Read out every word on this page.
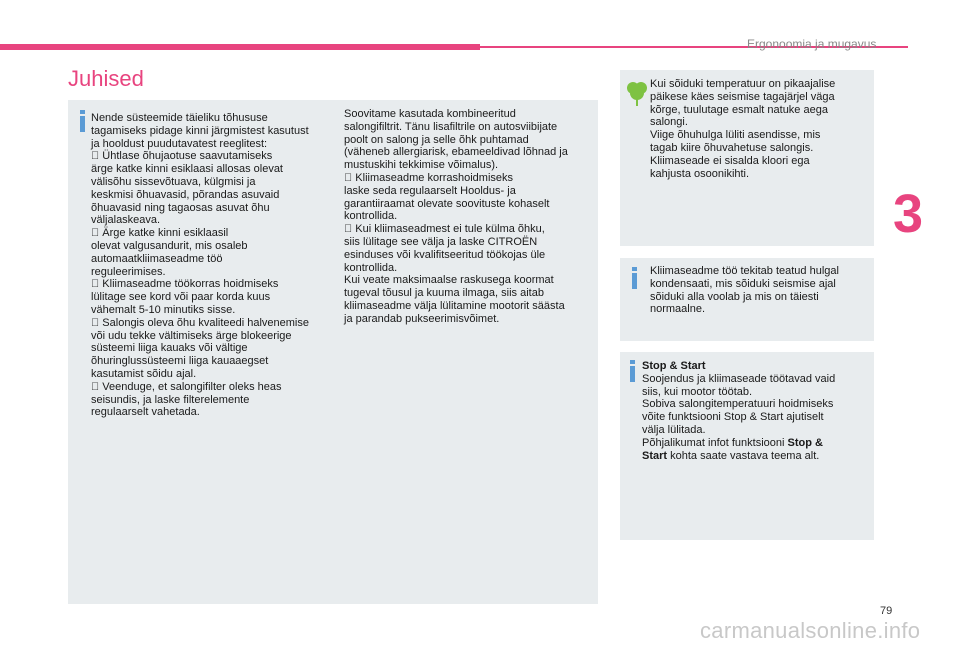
Ergonoomia ja mugavus
3
Juhised
Nende süsteemide täieliku tõhususe
tagamiseks pidage kinni järgmistest kasutust
ja hooldust puudutavatest reeglitest:
Ühtlase õhujaotuse saavutamiseks
ärge katke kinni esiklaasi allosas olevat
välisõhu sissevõtuava, külgmisi ja
keskmisi õhuavasid, põrandas asuvaid
õhuavasid ning tagaosas asuvat õhu
väljalaskeava.
Ärge katke kinni esiklaasil
olevat valgusandurit, mis osaleb
automaatkliimaseadme töö
reguleerimises.
Kliimaseadme töökorras hoidmiseks
lülitage see kord või paar korda kuus
vähemalt 5-10 minutiks sisse.
Salongis oleva õhu kvaliteedi halvenemise
või udu tekke vältimiseks ärge blokeerige
süsteemi liiga kauaks või vältige
õhuringlussüsteemi liiga kauaaegset
kasutamist sõidu ajal.
Veenduge, et salongifilter oleks heas
seisundis, ja laske filterelemente
regulaarselt vahetada.
Soovitame kasutada kombineeritud
salongifiltrit. Tänu lisafiltrile on autosviibijate
poolt on salong ja selle õhk puhtamad
(väheneb allergiarisk, ebameeldivad lõhnad ja
mustuskihi tekkimise võimalus).
Kliimaseadme korrashoidmiseks
laske seda regulaarselt Hooldus- ja
garantiiraamat olevate soovituste kohaselt
kontrollida.
Kui kliimaseadmest ei tule külma õhku,
siis lülitage see välja ja laske CITROËN
esinduses või kvalifitseeritud töökojas üle
kontrollida.
Kui veate maksimaalse raskusega koormat
tugeval tõusul ja kuuma ilmaga, siis aitab
kliimaseadme välja lülitamine mootorit säästa
ja parandab pukseerimisvõimet.
Kui sõiduki temperatuur on pikaajalise
päikese käes seismise tagajärjel väga
kõrge, tuulutage esmalt natuke aega
salongi.
Viige õhuhulga lüliti asendisse, mis
tagab kiire õhuvahetuse salongis.
Kliimaseade ei sisalda kloori ega
kahjusta osoonikihti.
Kliimaseadme töö tekitab teatud hulgal
kondensaati, mis sõiduki seismise ajal
sõiduki alla voolab ja mis on täiesti
normaalne.
Stop & Start
Soojendus ja kliimaseade töötavad vaid
siis, kui mootor töötab.
Sobiva salongitemperatuuri hoidmiseks
võite funktsiooni Stop & Start ajutiselt
välja lülitada.
Põhjalikumat infot funktsiooni Stop &
Start kohta saate vastava teema alt.
79
carmanualsonline.info
